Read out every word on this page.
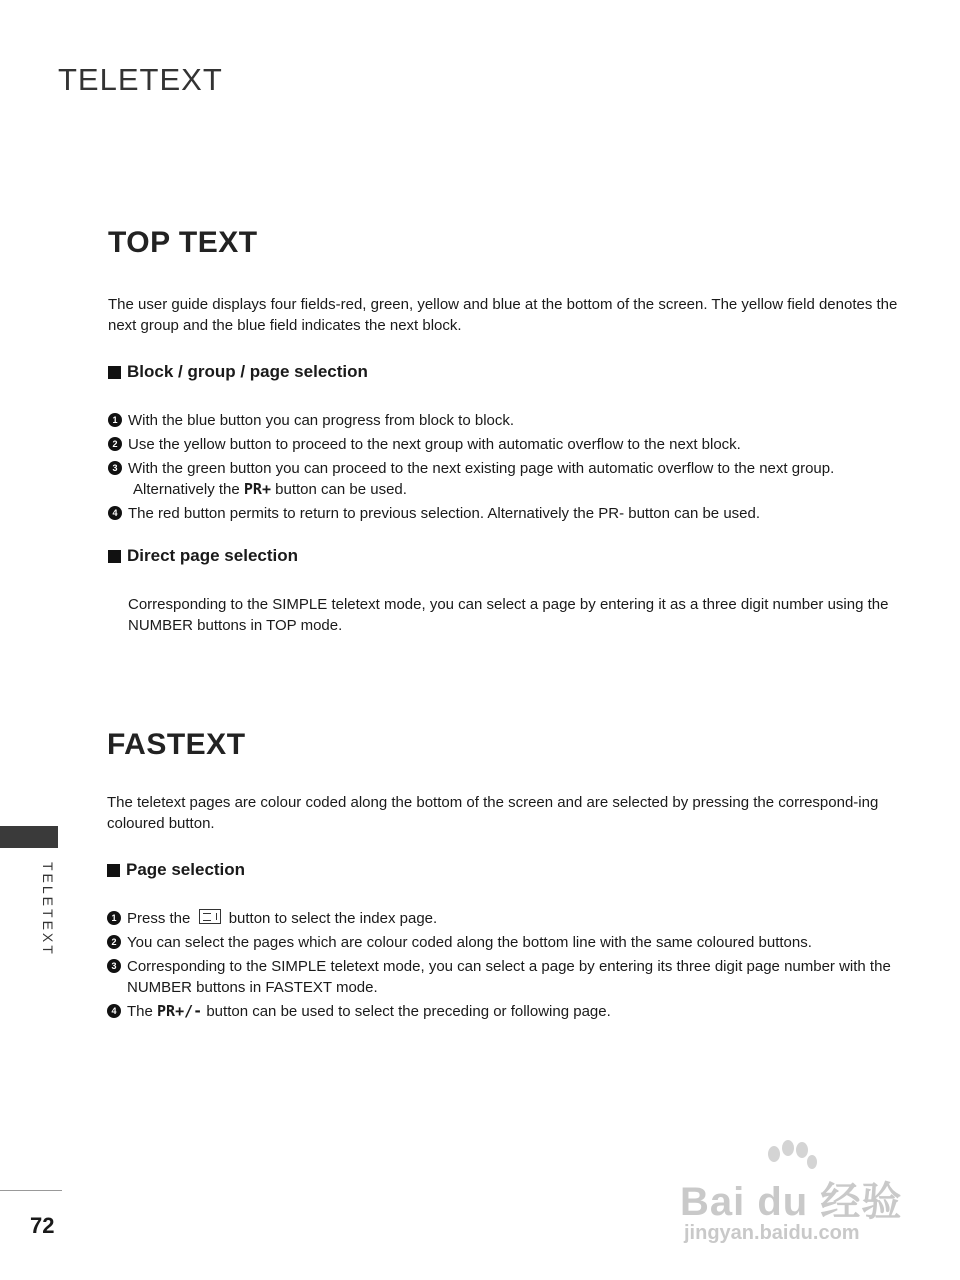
TELETEXT
TOP TEXT

The user guide displays four fields-red, green, yellow and blue at the bottom of the screen. The yellow field denotes the next group and the blue field indicates the next block.

Block / group / page selection
1 With the blue button you can progress from block to block.
2 Use the yellow button to proceed to the next group with automatic overflow to the next block.
3 With the green button you can proceed to the next existing page with automatic overflow to the next group.
Alternatively the PR+ button can be used.
4 The red button permits to return to previous selection. Alternatively the PR- button can be used.
Direct page selection

Corresponding to the SIMPLE teletext mode, you can select a page by entering it as a three digit number using the NUMBER buttons in TOP mode.

FASTEXT

The teletext pages are colour coded along the bottom of the screen and are selected by pressing the correspond-ing coloured button.

Page selection
1 Press the  button to select the index page.
2 You can select the pages which are colour coded along the bottom line with the same coloured buttons.
3 Corresponding to the SIMPLE teletext mode, you can select a page by entering its three digit page number with the NUMBER buttons in FASTEXT mode.
4 The PR+/- button can be used to select the preceding or following page.
TELETEXT
72
Bai du 经验
jingyan.baidu.com
